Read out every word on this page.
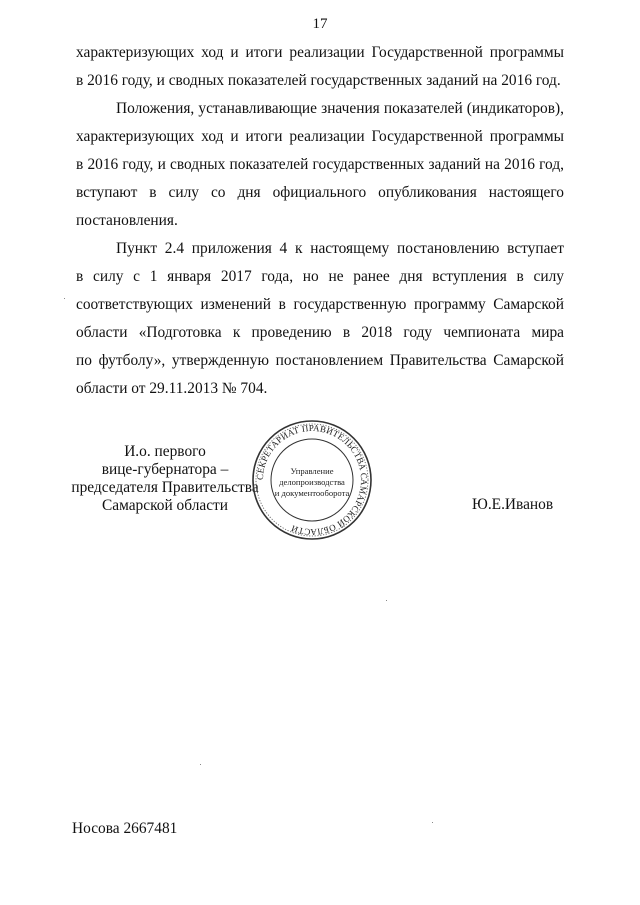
17
характеризующих ход и итоги реализации Государственной программы
в 2016 году, и сводных показателей государственных заданий на 2016 год.
Положения, устанавливающие значения показателей (индикаторов),
характеризующих ход и итоги реализации Государственной программы
в 2016 году, и сводных показателей государственных заданий на 2016 год,
вступают в силу со дня официального опубликования настоящего
постановления.
Пункт 2.4 приложения 4 к настоящему постановлению вступает
в силу с 1 января 2017 года, но не ранее дня вступления в силу
соответствующих изменений в государственную программу Самарской
области «Подготовка к проведению в 2018 году чемпионата мира
по футболу», утвержденную постановлением Правительства Самарской
области от 29.11.2013 № 704.
И.о. первого
вице-губернатора –
председателя Правительства
Самарской области
СЕКРЕТАРИАТ ПРАВИТЕЛЬСТВА САМАРСКОЙ ОБЛАСТИ
Управление
делопроизводства
и документооборота
Ю.Е.Иванов
Носова 2667481
